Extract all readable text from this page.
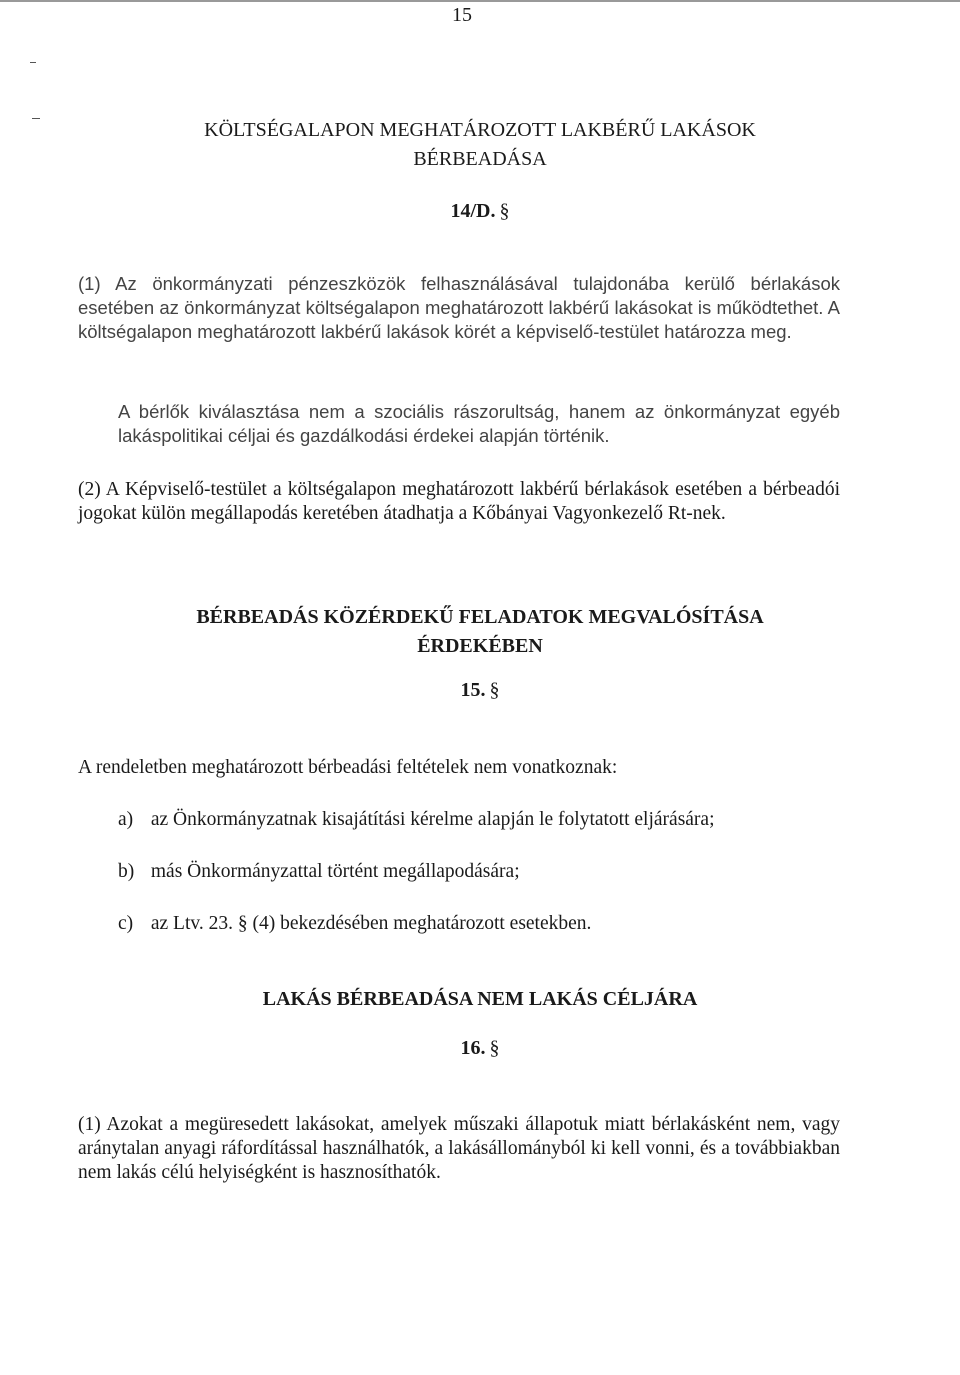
15
KÖLTSÉGALAPON MEGHATÁROZOTT LAKBÉRŰ LAKÁSOK
BÉRBEADÁSA
14/D. §
(1) Az önkormányzati pénzeszközök felhasználásával tulajdonába kerülő bérlakások esetében az önkormányzat költségalapon meghatározott lakbérű lakásokat is működtethet. A költségalapon meghatározott lakbérű lakások körét a képviselő-testület határozza meg.
A bérlők kiválasztása nem a szociális rászorultság, hanem az önkormányzat egyéb lakáspolitikai céljai és gazdálkodási érdekei alapján történik.
(2) A Képviselő-testület a költségalapon meghatározott lakbérű bérlakások esetében a bérbeadói jogokat külön megállapodás keretében átadhatja a Kőbányai Vagyonkezelő Rt-nek.
BÉRBEADÁS KÖZÉRDEKŰ FELADATOK MEGVALÓSÍTÁSA
ÉRDEKÉBEN
15. §
A rendeletben meghatározott bérbeadási feltételek nem vonatkoznak:
a) az Önkormányzatnak kisajátítási kérelme alapján le folytatott eljárására;
b) más Önkormányzattal történt megállapodására;
c) az Ltv. 23. § (4) bekezdésében meghatározott esetekben.
LAKÁS BÉRBEADÁSA NEM LAKÁS CÉLJÁRA
16. §
(1) Azokat a megüresedett lakásokat, amelyek műszaki állapotuk miatt bérlakásként nem, vagy aránytalan anyagi ráfordítással használhatók, a lakásállományból ki kell vonni, és a továbbiakban nem lakás célú helyiségként is hasznosíthatók.
